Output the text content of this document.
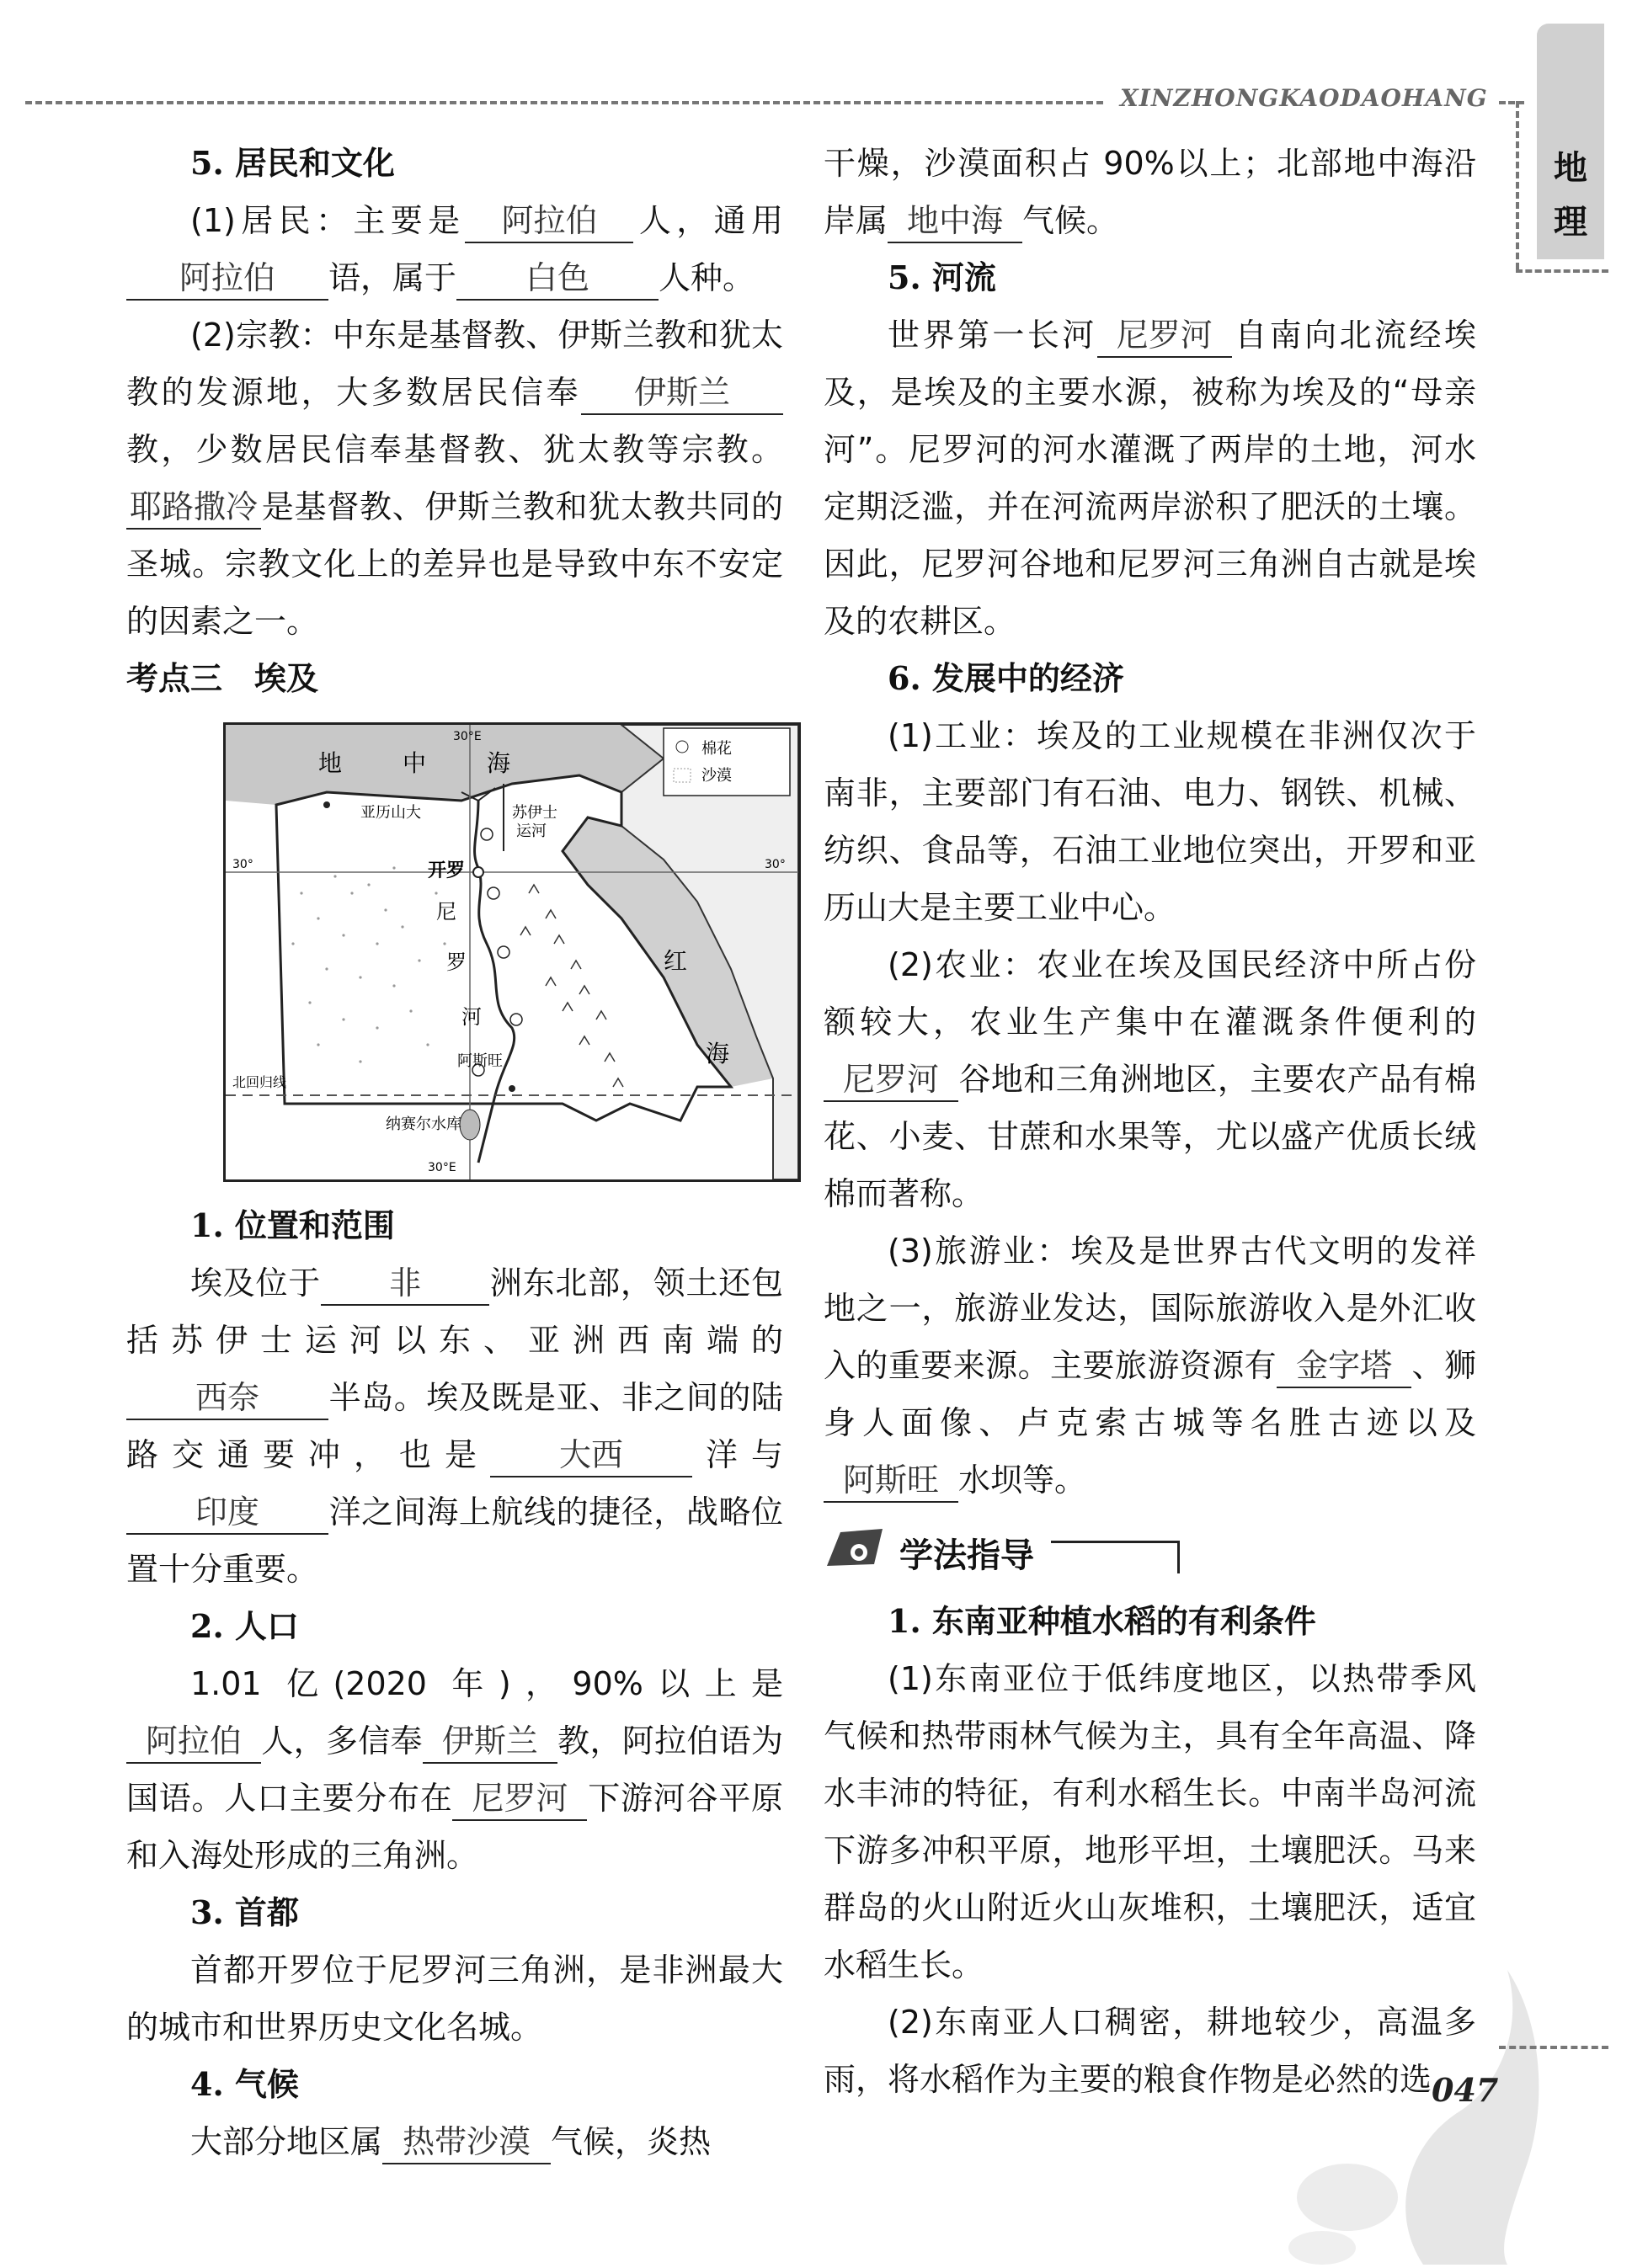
XINZHONGKAODAOHANG
地
理

5. 居民和文化

(1)居民：主要是 阿拉伯 人，通用阿拉伯 语，属于 白色 人种。

(2)宗教：中东是基督教、伊斯兰教和犹太教的发源地，大多数居民信奉 伊斯兰教，少数居民信奉基督教、犹太教等宗教。耶路撒冷 是基督教、伊斯兰教和犹太教共同的圣城。宗教文化上的差异也是导致中东不安定的因素之一。

考点三　埃及

地	中	海
亚历山大	苏伊士
运河
开罗
尼
罗
河
红
海
阿斯旺
北回归线
纳赛尔水库
30°E
30°E
30°	30°
棉花
沙漠

1. 位置和范围

埃及位于 非 洲东北部，领土还包括苏伊士运河以东、亚洲西南端的西奈 半岛。埃及既是亚、非之间的陆路交通要冲，也是 大西 洋与印度 洋之间海上航线的捷径，战略位置十分重要。

2. 人口

1.01 亿(2020 年)，90%以上是阿拉伯 人，多信奉 伊斯兰 教，阿拉伯语为国语。人口主要分布在 尼罗河 下游河谷平原和入海处形成的三角洲。

3. 首都

首都开罗位于尼罗河三角洲，是非洲最大的城市和世界历史文化名城。

4. 气候

大部分地区属 热带沙漠 气候，炎热

干燥，沙漠面积占 90%以上；北部地中海沿岸属 地中海 气候。

5. 河流

世界第一长河 尼罗河 自南向北流经埃及，是埃及的主要水源，被称为埃及的“母亲河”。尼罗河的河水灌溉了两岸的土地，河水定期泛滥，并在河流两岸淤积了肥沃的土壤。因此，尼罗河谷地和尼罗河三角洲自古就是埃及的农耕区。

6. 发展中的经济

(1)工业：埃及的工业规模在非洲仅次于南非，主要部门有石油、电力、钢铁、机械、纺织、食品等，石油工业地位突出，开罗和亚历山大是主要工业中心。

(2)农业：农业在埃及国民经济中所占份额较大，农业生产集中在灌溉条件便利的尼罗河 谷地和三角洲地区，主要农产品有棉花、小麦、甘蔗和水果等，尤以盛产优质长绒棉而著称。

(3)旅游业：埃及是世界古代文明的发祥地之一，旅游业发达，国际旅游收入是外汇收入的重要来源。主要旅游资源有 金字塔 、狮身人面像、卢克索古城等名胜古迹以及阿斯旺 水坝等。

学法指导

1. 东南亚种植水稻的有利条件

(1)东南亚位于低纬度地区，以热带季风气候和热带雨林气候为主，具有全年高温、降水丰沛的特征，有利水稻生长。中南半岛河流下游多冲积平原，地形平坦，土壤肥沃。马来群岛的火山附近火山灰堆积，土壤肥沃，适宜水稻生长。

(2)东南亚人口稠密，耕地较少，高温多雨，将水稻作为主要的粮食作物是必然的选 047
